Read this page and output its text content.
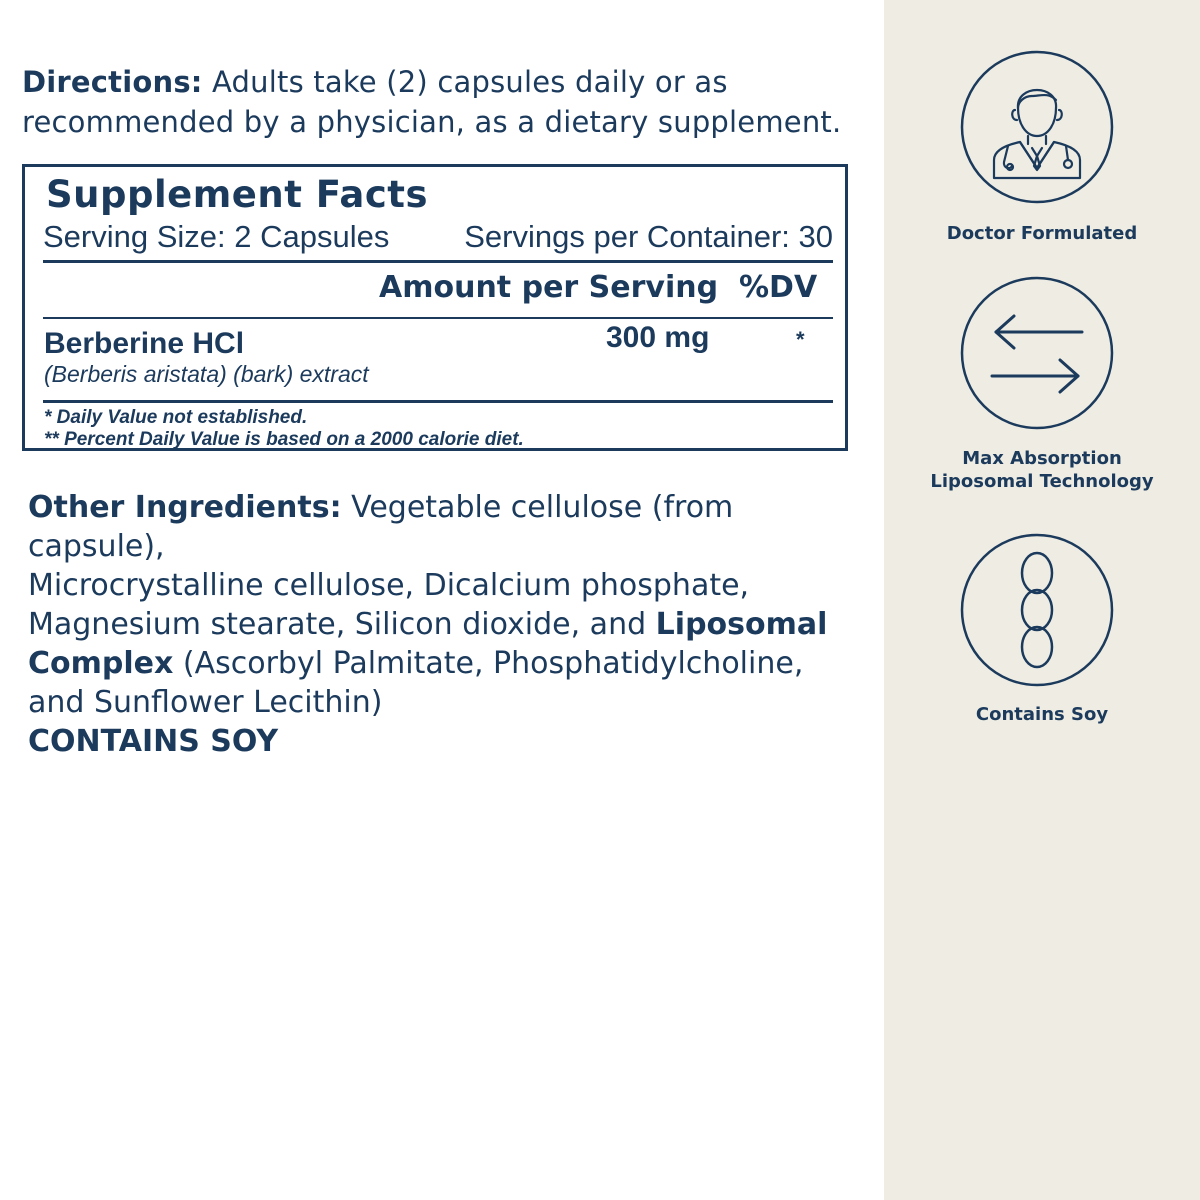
Directions: Adults take (2) capsules daily or as
recommended by a physician, as a dietary supplement.
Supplement Facts
Serving Size: 2 Capsules Servings per Container: 30
Amount per Serving %DV
Berberine HCl
(Berberis aristata) (bark) extract
300 mg	*
* Daily Value not established.
** Percent Daily Value is based on a 2000 calorie diet.
Other Ingredients: Vegetable cellulose (from capsule),
Microcrystalline cellulose, Dicalcium phosphate,
Magnesium stearate, Silicon dioxide, and Liposomal
Complex (Ascorbyl Palmitate, Phosphatidylcholine,
and Sunflower Lecithin)
CONTAINS SOY
Doctor Formulated
Max Absorption
Liposomal Technology
Contains Soy
